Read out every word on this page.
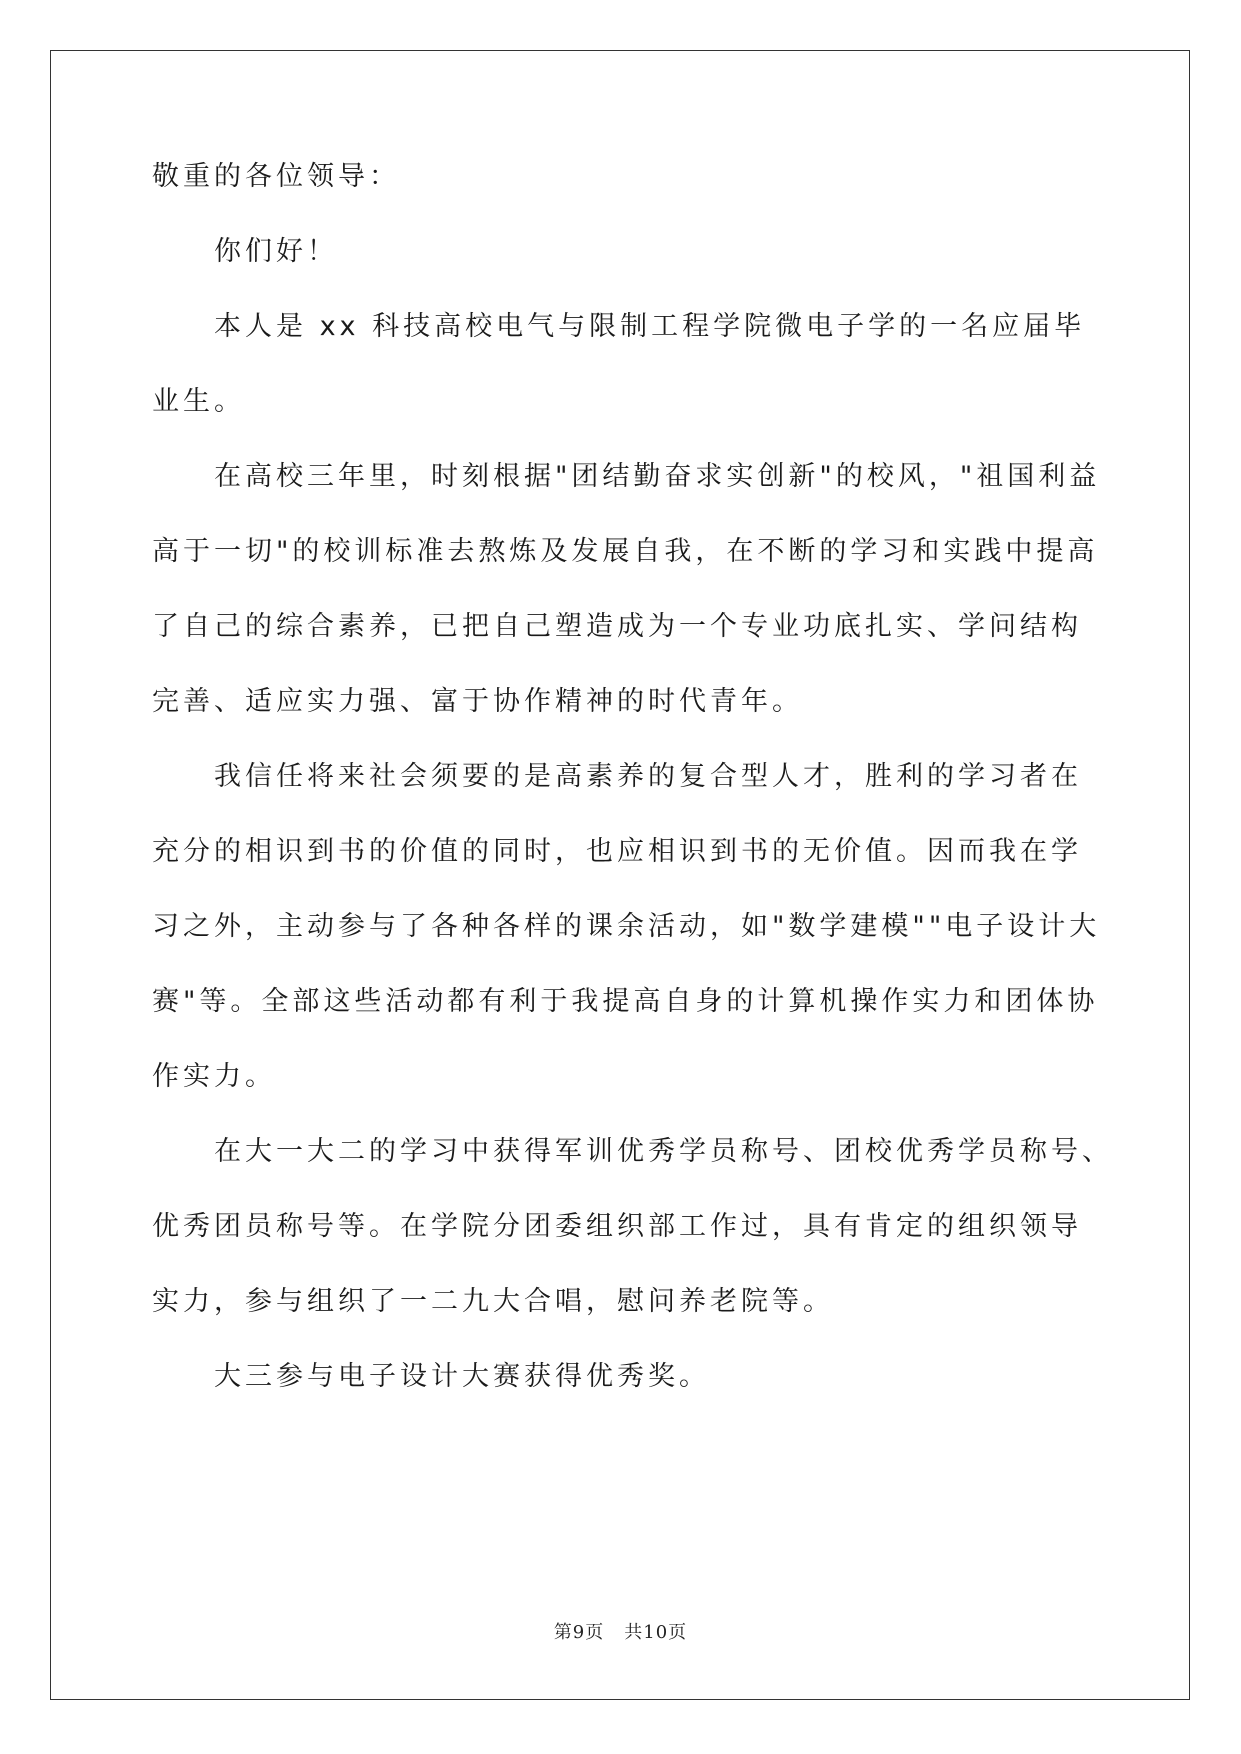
敬重的各位领导：
你们好！
本人是 xx 科技高校电气与限制工程学院微电子学的一名应届毕
业生。
在高校三年里，时刻根据"团结勤奋求实创新"的校风，"祖国利益
高于一切"的校训标准去熬炼及发展自我，在不断的学习和实践中提高
了自己的综合素养，已把自己塑造成为一个专业功底扎实、学问结构
完善、适应实力强、富于协作精神的时代青年。
我信任将来社会须要的是高素养的复合型人才，胜利的学习者在
充分的相识到书的价值的同时，也应相识到书的无价值。因而我在学
习之外，主动参与了各种各样的课余活动，如"数学建模""电子设计大
赛"等。全部这些活动都有利于我提高自身的计算机操作实力和团体协
作实力。
在大一大二的学习中获得军训优秀学员称号、团校优秀学员称号、
优秀团员称号等。在学院分团委组织部工作过，具有肯定的组织领导
实力，参与组织了一二九大合唱，慰问养老院等。
大三参与电子设计大赛获得优秀奖。
第9页 共10页
